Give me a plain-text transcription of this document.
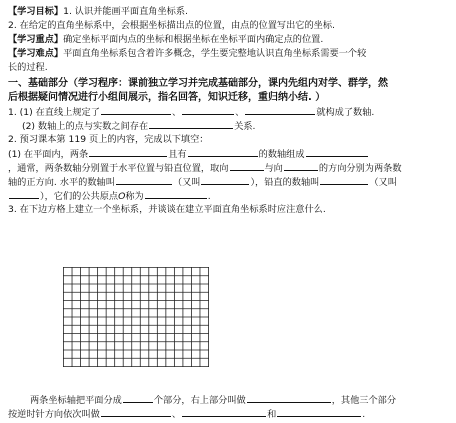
【学习目标】1. 认识并能画平面直角坐标系.
2. 在给定的直角坐标系中，会根据坐标描出点的位置，由点的位置写出它的坐标.
【学习重点】确定坐标平面内点的坐标和根据坐标在坐标平面内确定点的位置.
【学习难点】平面直角坐标系包含着许多概念，学生要完整地认识直角坐标系需要一个较
长的过程.
一、基础部分（学习程序：课前独立学习并完成基础部分，课内先组内对学、群学，然
后根据疑问情况进行小组间展示，指名回答，知识迁移，重归纳小结. ）
1. (1) 在直线上规定了	、	、	就构成了数轴.
(2) 数轴上的点与实数之间存在	关系.
2. 预习课本第 119 页上的内容，完成以下填空：
(1) 在平面内，两条	且有	的数轴组成
，通常，两条数轴分别置于水平位置与铅直位置，取向	与向	的方向分别为两条数
轴的正方向. 水平的数轴叫	（又叫	），铅直的数轴叫	（又叫
），它们的公共原点O称为	.
3. 在下边方格上建立一个坐标系，并谈谈在建立平面直角坐标系时应注意什么.
两条坐标轴把平面分成	个部分，右上部分叫做	，其他三个部分
按逆时针方向依次叫做	、	和	.
